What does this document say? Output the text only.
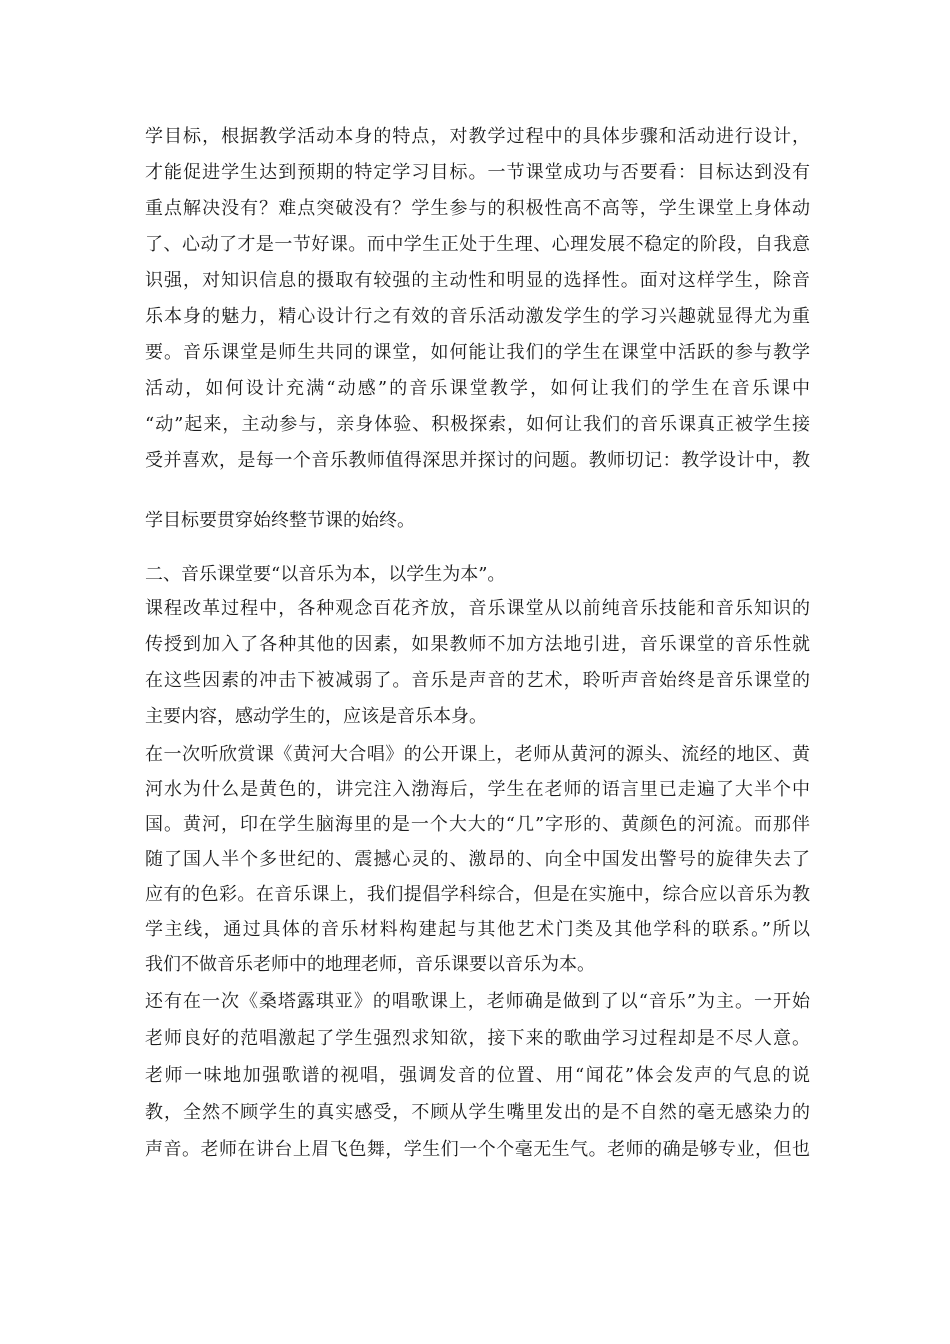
学目标，根据教学活动本身的特点，对教学过程中的具体步骤和活动进行设计，
才能促进学生达到预期的特定学习目标。一节课堂成功与否要看：目标达到没有
重点解决没有？难点突破没有？学生参与的积极性高不高等，学生课堂上身体动
了、心动了才是一节好课。而中学生正处于生理、心理发展不稳定的阶段，自我意
识强，对知识信息的摄取有较强的主动性和明显的选择性。面对这样学生，除音
乐本身的魅力，精心设计行之有效的音乐活动激发学生的学习兴趣就显得尤为重
要。音乐课堂是师生共同的课堂，如何能让我们的学生在课堂中活跃的参与教学
活动，如何设计充满“动感”的音乐课堂教学，如何让我们的学生在音乐课中
“动”起来，主动参与，亲身体验、积极探索，如何让我们的音乐课真正被学生接
受并喜欢，是每一个音乐教师值得深思并探讨的问题。教师切记：教学设计中，教
学目标要贯穿始终整节课的始终。
二、音乐课堂要“以音乐为本，以学生为本”。
课程改革过程中，各种观念百花齐放，音乐课堂从以前纯音乐技能和音乐知识的
传授到加入了各种其他的因素，如果教师不加方法地引进，音乐课堂的音乐性就
在这些因素的冲击下被减弱了。音乐是声音的艺术，聆听声音始终是音乐课堂的
主要内容，感动学生的，应该是音乐本身。
在一次听欣赏课《黄河大合唱》的公开课上，老师从黄河的源头、流经的地区、黄
河水为什么是黄色的，讲完注入渤海后，学生在老师的语言里已走遍了大半个中
国。黄河，印在学生脑海里的是一个大大的“几”字形的、黄颜色的河流。而那伴
随了国人半个多世纪的、震撼心灵的、激昂的、向全中国发出警号的旋律失去了
应有的色彩。在音乐课上，我们提倡学科综合，但是在实施中，综合应以音乐为教
学主线，通过具体的音乐材料构建起与其他艺术门类及其他学科的联系。”所以
我们不做音乐老师中的地理老师，音乐课要以音乐为本。
还有在一次《桑塔露琪亚》的唱歌课上，老师确是做到了以“音乐”为主。一开始
老师良好的范唱激起了学生强烈求知欲，接下来的歌曲学习过程却是不尽人意。
老师一味地加强歌谱的视唱，强调发音的位置、用“闻花”体会发声的气息的说
教，全然不顾学生的真实感受，不顾从学生嘴里发出的是不自然的毫无感染力的
声音。老师在讲台上眉飞色舞，学生们一个个毫无生气。老师的确是够专业，但也
